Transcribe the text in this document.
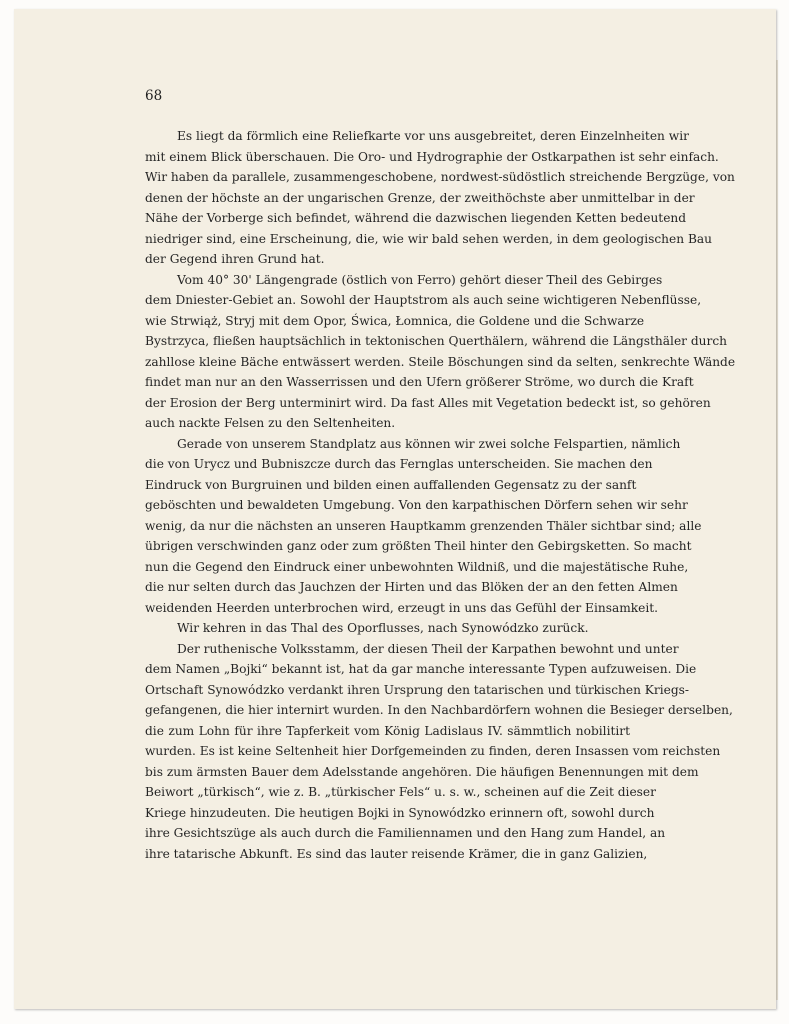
68
Es liegt da förmlich eine Reliefkarte vor uns ausgebreitet, deren Einzelnheiten wir
mit einem Blick überschauen. Die Oro- und Hydrographie der Ostkarpathen ist sehr einfach.
Wir haben da parallele, zusammengeschobene, nordwest-südöstlich streichende Bergzüge, von
denen der höchste an der ungarischen Grenze, der zweithöchste aber unmittelbar in der
Nähe der Vorberge sich befindet, während die dazwischen liegenden Ketten bedeutend
niedriger sind, eine Erscheinung, die, wie wir bald sehen werden, in dem geologischen Bau
der Gegend ihren Grund hat.
Vom 40° 30' Längengrade (östlich von Ferro) gehört dieser Theil des Gebirges
dem Dniester-Gebiet an. Sowohl der Hauptstrom als auch seine wichtigeren Nebenflüsse,
wie Strwiąż, Stryj mit dem Opor, Świca, Łomnica, die Goldene und die Schwarze
Bystrzyca, fließen hauptsächlich in tektonischen Querthälern, während die Längsthäler durch
zahllose kleine Bäche entwässert werden. Steile Böschungen sind da selten, senkrechte Wände
findet man nur an den Wasserrissen und den Ufern größerer Ströme, wo durch die Kraft
der Erosion der Berg unterminirt wird. Da fast Alles mit Vegetation bedeckt ist, so gehören
auch nackte Felsen zu den Seltenheiten.
Gerade von unserem Standplatz aus können wir zwei solche Felspartien, nämlich
die von Urycz und Bubniszcze durch das Fernglas unterscheiden. Sie machen den
Eindruck von Burgruinen und bilden einen auffallenden Gegensatz zu der sanft
geböschten und bewaldeten Umgebung. Von den karpathischen Dörfern sehen wir sehr
wenig, da nur die nächsten an unseren Hauptkamm grenzenden Thäler sichtbar sind; alle
übrigen verschwinden ganz oder zum größten Theil hinter den Gebirgsketten. So macht
nun die Gegend den Eindruck einer unbewohnten Wildniß, und die majestätische Ruhe,
die nur selten durch das Jauchzen der Hirten und das Blöken der an den fetten Almen
weidenden Heerden unterbrochen wird, erzeugt in uns das Gefühl der Einsamkeit.
Wir kehren in das Thal des Oporflusses, nach Synowódzko zurück.
Der ruthenische Volksstamm, der diesen Theil der Karpathen bewohnt und unter
dem Namen „Bojki“ bekannt ist, hat da gar manche interessante Typen aufzuweisen. Die
Ortschaft Synowódzko verdankt ihren Ursprung den tatarischen und türkischen Kriegs-
gefangenen, die hier internirt wurden. In den Nachbardörfern wohnen die Besieger derselben,
die zum Lohn für ihre Tapferkeit vom König Ladislaus IV. sämmtlich nobilitirt
wurden. Es ist keine Seltenheit hier Dorfgemeinden zu finden, deren Insassen vom reichsten
bis zum ärmsten Bauer dem Adelsstande angehören. Die häufigen Benennungen mit dem
Beiwort „türkisch“, wie z. B. „türkischer Fels“ u. s. w., scheinen auf die Zeit dieser
Kriege hinzudeuten. Die heutigen Bojki in Synowódzko erinnern oft, sowohl durch
ihre Gesichtszüge als auch durch die Familiennamen und den Hang zum Handel, an
ihre tatarische Abkunft. Es sind das lauter reisende Krämer, die in ganz Galizien,
